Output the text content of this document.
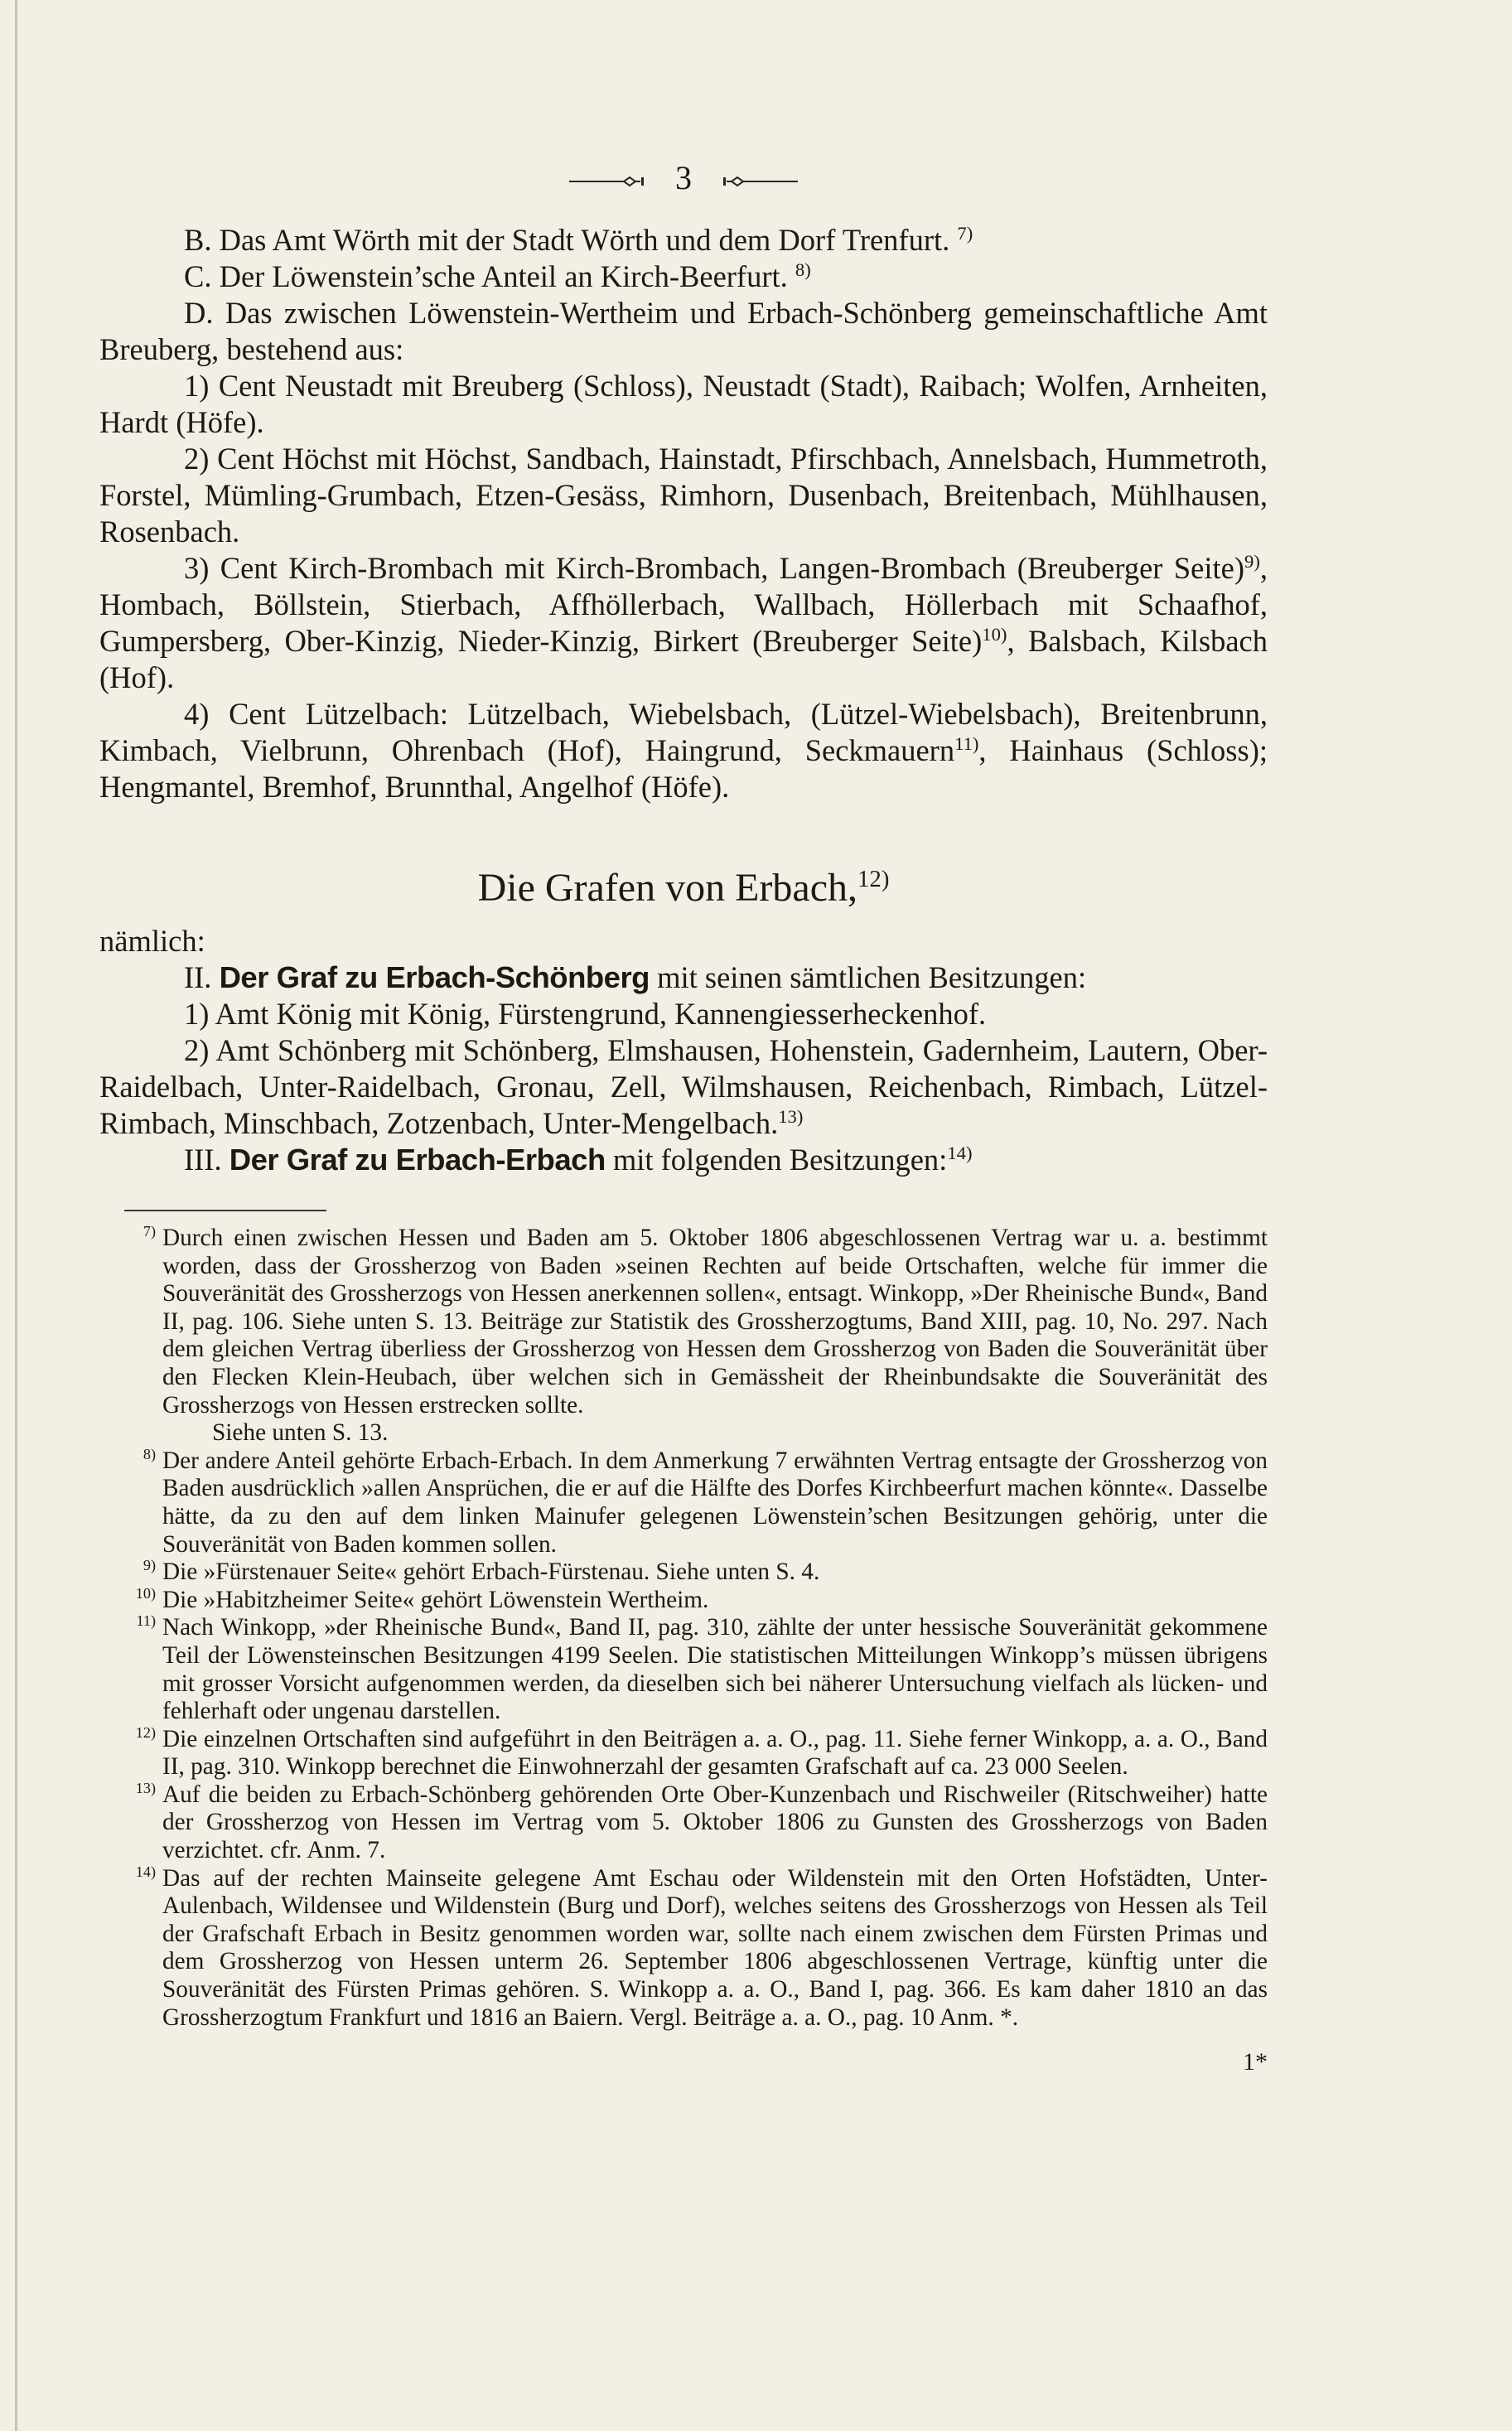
3

B. Das Amt Wörth mit der Stadt Wörth und dem Dorf Trenfurt. $^{7)}$

C. Der Löwenstein’sche Anteil an Kirch-Beerfurt. $^{8)}$

D. Das zwischen Löwenstein-Wertheim und Erbach-Schönberg gemeinschaftliche Amt Breuberg, bestehend aus:

1) Cent Neustadt mit Breuberg (Schloss), Neustadt (Stadt), Raibach; Wolfen, Arnheiten, Hardt (Höfe).

2) Cent Höchst mit Höchst, Sandbach, Hainstadt, Pfirschbach, Annelsbach, Hummetroth, Forstel, Mümling-Grumbach, Etzen-Gesäss, Rimhorn, Dusenbach, Breitenbach, Mühlhausen, Rosenbach.

3) Cent Kirch-Brombach mit Kirch-Brombach, Langen-Brombach (Breuberger Seite)$^{9)}$, Hombach, Böllstein, Stierbach, Affhöllerbach, Wallbach, Höllerbach mit Schaafhof, Gumpersberg, Ober-Kinzig, Nieder-Kinzig, Birkert (Breuberger Seite)$^{10)}$, Balsbach, Kilsbach (Hof).

4) Cent Lützelbach: Lützelbach, Wiebelsbach, (Lützel-Wiebelsbach), Breitenbrunn, Kimbach, Vielbrunn, Ohrenbach (Hof), Haingrund, Seckmauern$^{11)}$, Hainhaus (Schloss); Hengmantel, Bremhof, Brunnthal, Angelhof (Höfe).

Die Grafen von Erbach,$^{12)}$

nämlich:

II. Der Graf zu Erbach-Schönberg mit seinen sämtlichen Besitzungen:

1) Amt König mit König, Fürstengrund, Kannengiesserheckenhof.

2) Amt Schönberg mit Schönberg, Elmshausen, Hohenstein, Gadernheim, Lautern, Ober-Raidelbach, Unter-Raidelbach, Gronau, Zell, Wilmshausen, Reichenbach, Rimbach, Lützel-Rimbach, Minschbach, Zotzenbach, Unter-Mengelbach.$^{13)}$

III. Der Graf zu Erbach-Erbach mit folgenden Besitzungen:$^{14)}$

$^{7)}$ Durch einen zwischen Hessen und Baden am 5. Oktober 1806 abgeschlossenen Vertrag war u. a. bestimmt worden, dass der Grossherzog von Baden »seinen Rechten auf beide Ortschaften, welche für immer die Souveränität des Grossherzogs von Hessen anerkennen sollen«, entsagt. Winkopp, »Der Rheinische Bund«, Band II, pag. 106. Siehe unten S. 13. Beiträge zur Statistik des Grossherzogtums, Band XIII, pag. 10, No. 297. Nach dem gleichen Vertrag überliess der Grossherzog von Hessen dem Grossherzog von Baden die Souveränität über den Flecken Klein-Heubach, über welchen sich in Gemässheit der Rheinbundsakte die Souveränität des Grossherzogs von Hessen erstrecken sollte.
Siehe unten S. 13.
$^{8)}$ Der andere Anteil gehörte Erbach-Erbach. In dem Anmerkung 7 erwähnten Vertrag entsagte der Grossherzog von Baden ausdrücklich »allen Ansprüchen, die er auf die Hälfte des Dorfes Kirchbeerfurt machen könnte«. Dasselbe hätte, da zu den auf dem linken Mainufer gelegenen Löwenstein’schen Besitzungen gehörig, unter die Souveränität von Baden kommen sollen.
$^{9)}$ Die »Fürstenauer Seite« gehört Erbach-Fürstenau. Siehe unten S. 4.
$^{10)}$ Die »Habitzheimer Seite« gehört Löwenstein Wertheim.
$^{11)}$ Nach Winkopp, »der Rheinische Bund«, Band II, pag. 310, zählte der unter hessische Souveränität gekommene Teil der Löwensteinschen Besitzungen 4199 Seelen. Die statistischen Mitteilungen Winkopp’s müssen übrigens mit grosser Vorsicht aufgenommen werden, da dieselben sich bei näherer Untersuchung vielfach als lücken- und fehlerhaft oder ungenau darstellen.
$^{12)}$ Die einzelnen Ortschaften sind aufgeführt in den Beiträgen a. a. O., pag. 11. Siehe ferner Winkopp, a. a. O., Band II, pag. 310. Winkopp berechnet die Einwohnerzahl der gesamten Grafschaft auf ca. 23 000 Seelen.
$^{13)}$ Auf die beiden zu Erbach-Schönberg gehörenden Orte Ober-Kunzenbach und Rischweiler (Ritschweiher) hatte der Grossherzog von Hessen im Vertrag vom 5. Oktober 1806 zu Gunsten des Grossherzogs von Baden verzichtet. cfr. Anm. 7.
$^{14)}$ Das auf der rechten Mainseite gelegene Amt Eschau oder Wildenstein mit den Orten Hofstädten, Unter-Aulenbach, Wildensee und Wildenstein (Burg und Dorf), welches seitens des Grossherzogs von Hessen als Teil der Grafschaft Erbach in Besitz genommen worden war, sollte nach einem zwischen dem Fürsten Primas und dem Grossherzog von Hessen unterm 26. September 1806 abgeschlossenen Vertrage, künftig unter die Souveränität des Fürsten Primas gehören. S. Winkopp a. a. O., Band I, pag. 366. Es kam daher 1810 an das Grossherzogtum Frankfurt und 1816 an Baiern. Vergl. Beiträge a. a. O., pag. 10 Anm. *.
1*
